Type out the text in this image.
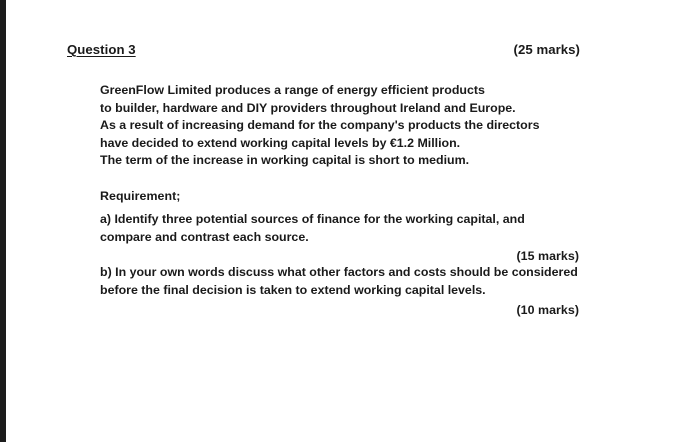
Question 3	(25 marks)
GreenFlow Limited produces a range of energy efficient products
to builder, hardware and DIY providers throughout Ireland and Europe.
As a result of increasing demand for the company's products the directors
have decided to extend working capital levels by €1.2 Million.
The term of the increase in working capital is short to medium.
Requirement;
a) Identify three potential sources of finance for the working capital, and
compare and contrast each source.
(15 marks)
b) In your own words discuss what other factors and costs should be considered
before the final decision is taken to extend working capital levels.
(10 marks)
